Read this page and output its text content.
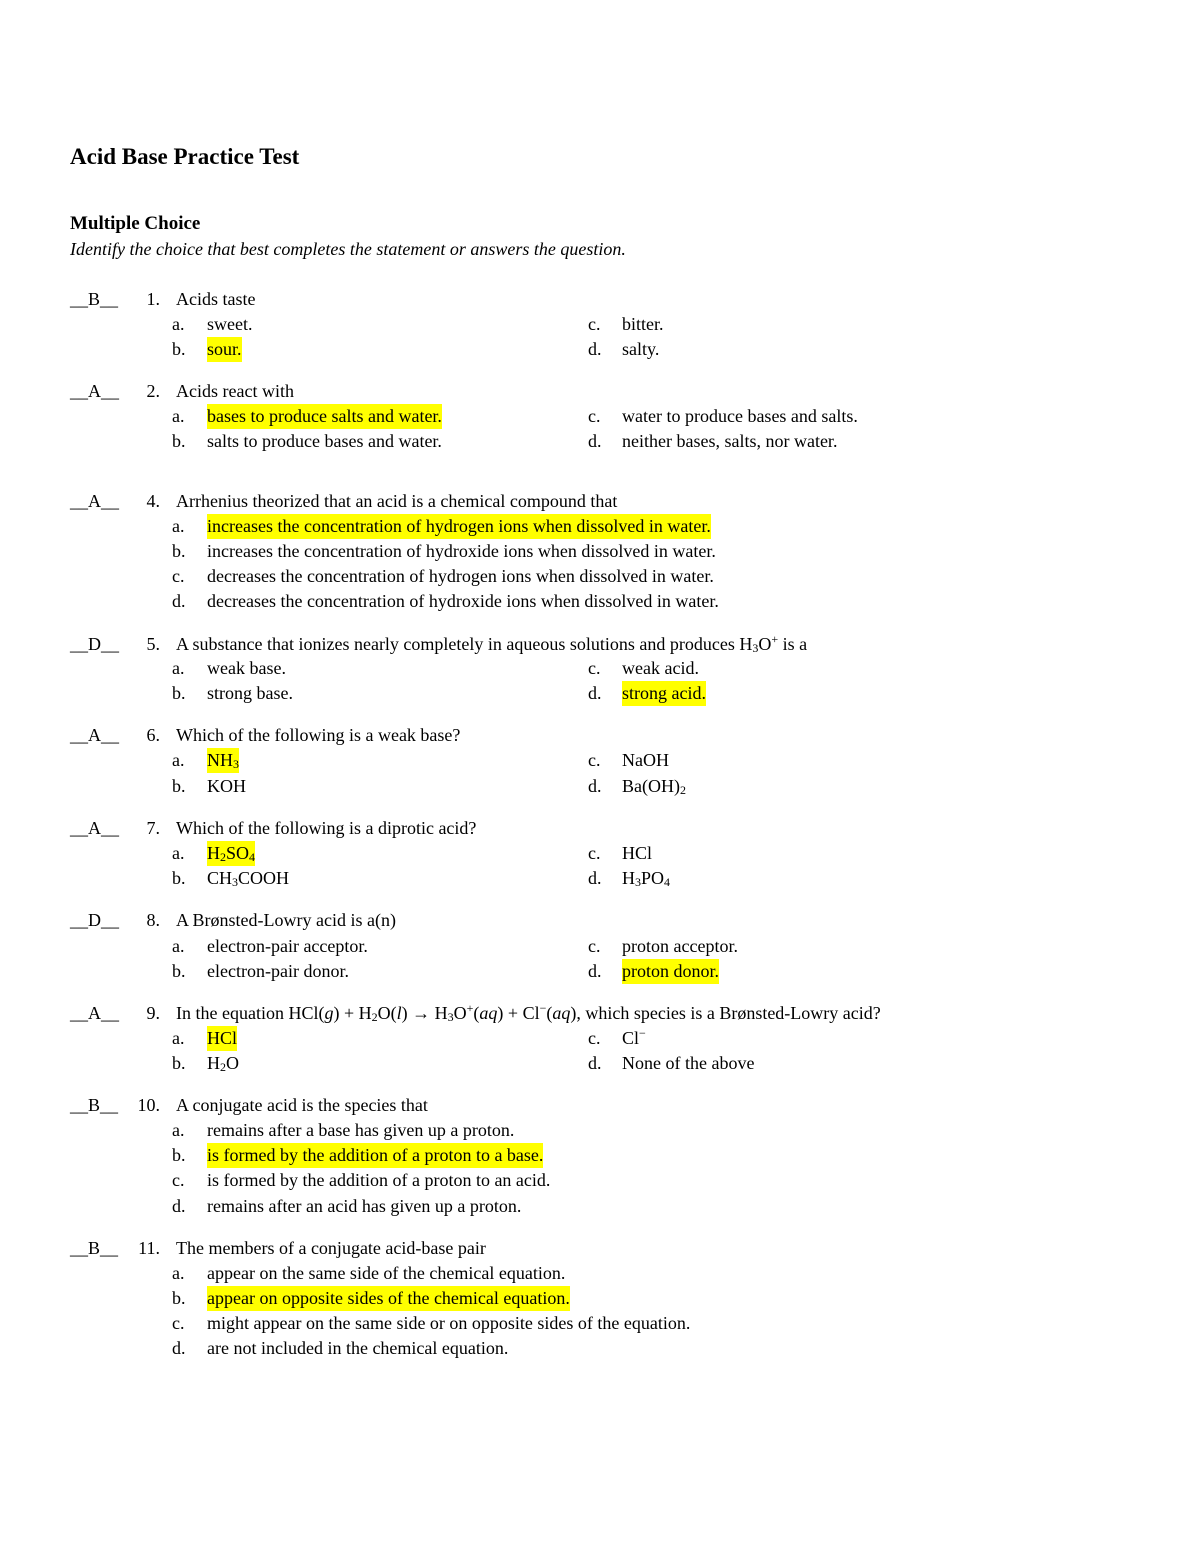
Acid Base Practice Test
Multiple Choice
Identify the choice that best completes the statement or answers the question.
__B__	1. Acids taste
a. sweet.	c. bitter.
b. sour.	d. salty.
__A__	2. Acids react with
a. bases to produce salts and water.	c. water to produce bases and salts.
b. salts to produce bases and water.	d. neither bases, salts, nor water.
__A__	4. Arrhenius theorized that an acid is a chemical compound that
a. increases the concentration of hydrogen ions when dissolved in water.
b. increases the concentration of hydroxide ions when dissolved in water.
c. decreases the concentration of hydrogen ions when dissolved in water.
d. decreases the concentration of hydroxide ions when dissolved in water.
__D__	5. A substance that ionizes nearly completely in aqueous solutions and produces $H_3O^+$ is a
a. weak base.	c. weak acid.
b. strong base.	d. strong acid.
__A__	6. Which of the following is a weak base?
a. $NH_3$	c. NaOH
b. KOH	d. $Ba(OH)_2$
__A__	7. Which of the following is a diprotic acid?
a. $H_2SO_4$	c. HCl
b. $CH_3COOH$	d. $H_3PO_4$
__D__	8. A Brønsted-Lowry acid is a(n)
a. electron-pair acceptor.	c. proton acceptor.
b. electron-pair donor.	d. proton donor.
__A__	9. In the equation $HCl(g) + H_2O(l) \to H_3O^+(aq) + Cl^-(aq)$, which species is a Brønsted-Lowry acid?
a. HCl	c. Cl−
b. $H_2O$	d. None of the above
__B__ 10. A conjugate acid is the species that
a. remains after a base has given up a proton.
b. is formed by the addition of a proton to a base.
c. is formed by the addition of a proton to an acid.
d. remains after an acid has given up a proton.
__B__ 11. The members of a conjugate acid-base pair
a. appear on the same side of the chemical equation.
b. appear on opposite sides of the chemical equation.
c. might appear on the same side or on opposite sides of the equation.
d. are not included in the chemical equation.
